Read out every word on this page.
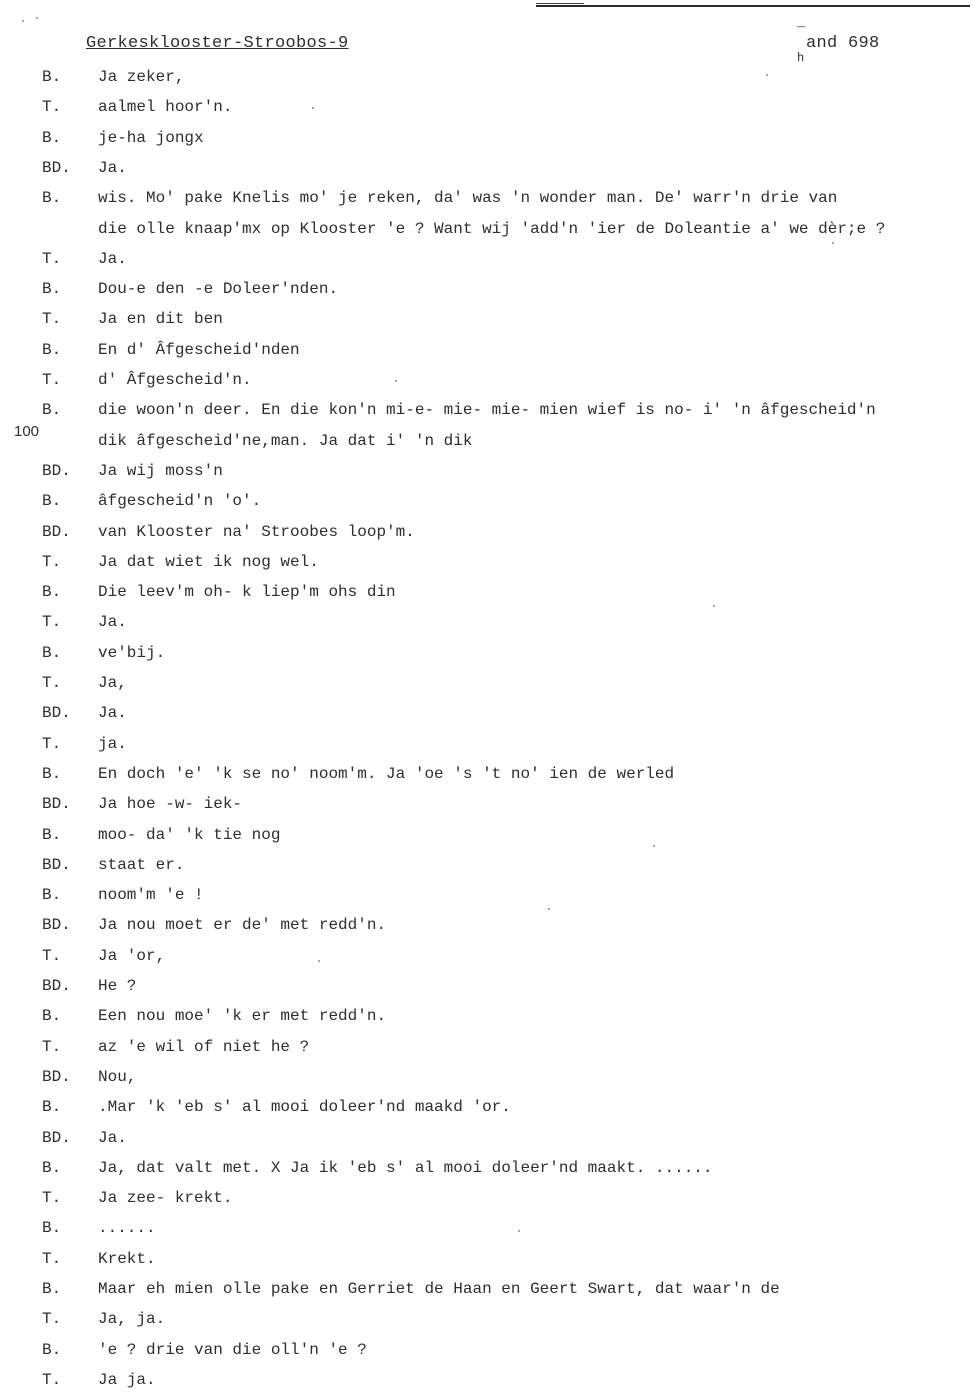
Gerkesklooster-Stroobos-9	‾ and 698
h
100
B. Ja zeker,
T. aalmel hoor'n.
B. je-ha jongx
BD. Ja.
B. wis. Mo' pake Knelis mo' je reken, da' was 'n wonder man. De' warr'n drie van
die olle knaap'mx op Klooster 'e ? Want wij 'add'n 'ier de Doleantie a' we dèr;e ?
T. Ja.
B. Dou-e den -e Doleer'nden.
T. Ja en dit ben
B. En d' Âfgescheid'nden
T. d' Âfgescheid'n.
B. die woon'n deer. En die kon'n mi-e- mie- mie- mien wief is no- i' 'n âfgescheid'n
dik âfgescheid'ne,man. Ja dat i' 'n dik
BD. Ja wij moss'n
B. âfgescheid'n 'o'.
BD. van Klooster na' Stroobes loop'm.
T. Ja dat wiet ik nog wel.
B. Die leev'm oh- k liep'm ohs din
T. Ja.
B. ve'bij.
T. Ja,
BD. Ja.
T. ja.
B. En doch 'e' 'k se no' noom'm. Ja 'oe 's 't no' ien de werled
BD. Ja hoe -w- iek-
B. moo- da' 'k tie nog
BD. staat er.
B. noom'm 'e !
BD. Ja nou moet er de' met redd'n.
T. Ja 'or,
BD. He ?
B. Een nou moe' 'k er met redd'n.
T. az 'e wil of niet he ?
BD. Nou,
B. .Mar 'k 'eb s' al mooi doleer'nd maakd 'or.
BD. Ja.
B. Ja, dat valt met. X Ja ik 'eb s' al mooi doleer'nd maakt. ......
T. Ja zee- krekt.
B. ......
T. Krekt.
B. Maar eh mien olle pake en Gerriet de Haan en Geert Swart, dat waar'n de
T. Ja, ja.
B. 'e ? drie van die oll'n 'e ?
T. Ja ja.
